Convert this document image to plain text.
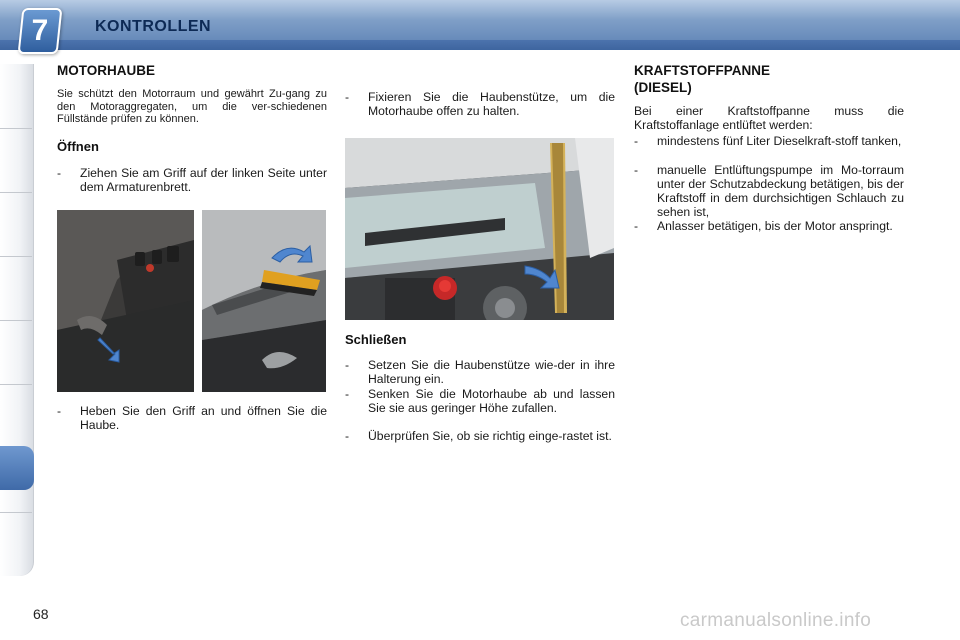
7	KONTROLLEN
MOTORHAUBE
Sie schützt den Motorraum und gewährt Zu-gang zu den Motoraggregaten, um die ver-schiedenen Füllstände prüfen zu können.
Öffnen
- Ziehen Sie am Griff auf der linken Seite unter dem Armaturenbrett.
- Heben Sie den Griff an und öffnen Sie die Haube.
- Fixieren Sie die Haubenstütze, um die Motorhaube offen zu halten.
Schließen
- Setzen Sie die Haubenstütze wie-der in ihre Halterung ein.
- Senken Sie die Motorhaube ab und lassen Sie sie aus geringer Höhe zufallen.
- Überprüfen Sie, ob sie richtig einge-rastet ist.
KRAFTSTOFFPANNE
(DIESEL)
Bei einer Kraftstoffpanne muss die Kraftstoffanlage entlüftet werden:
- mindestens fünf Liter Dieselkraft-stoff tanken,
- manuelle Entlüftungspumpe im Mo-torraum unter der Schutzabdeckung betätigen, bis der Kraftstoff in dem durchsichtigen Schlauch zu sehen ist,
- Anlasser betätigen, bis der Motor anspringt.
68	carmanualsonline.info
